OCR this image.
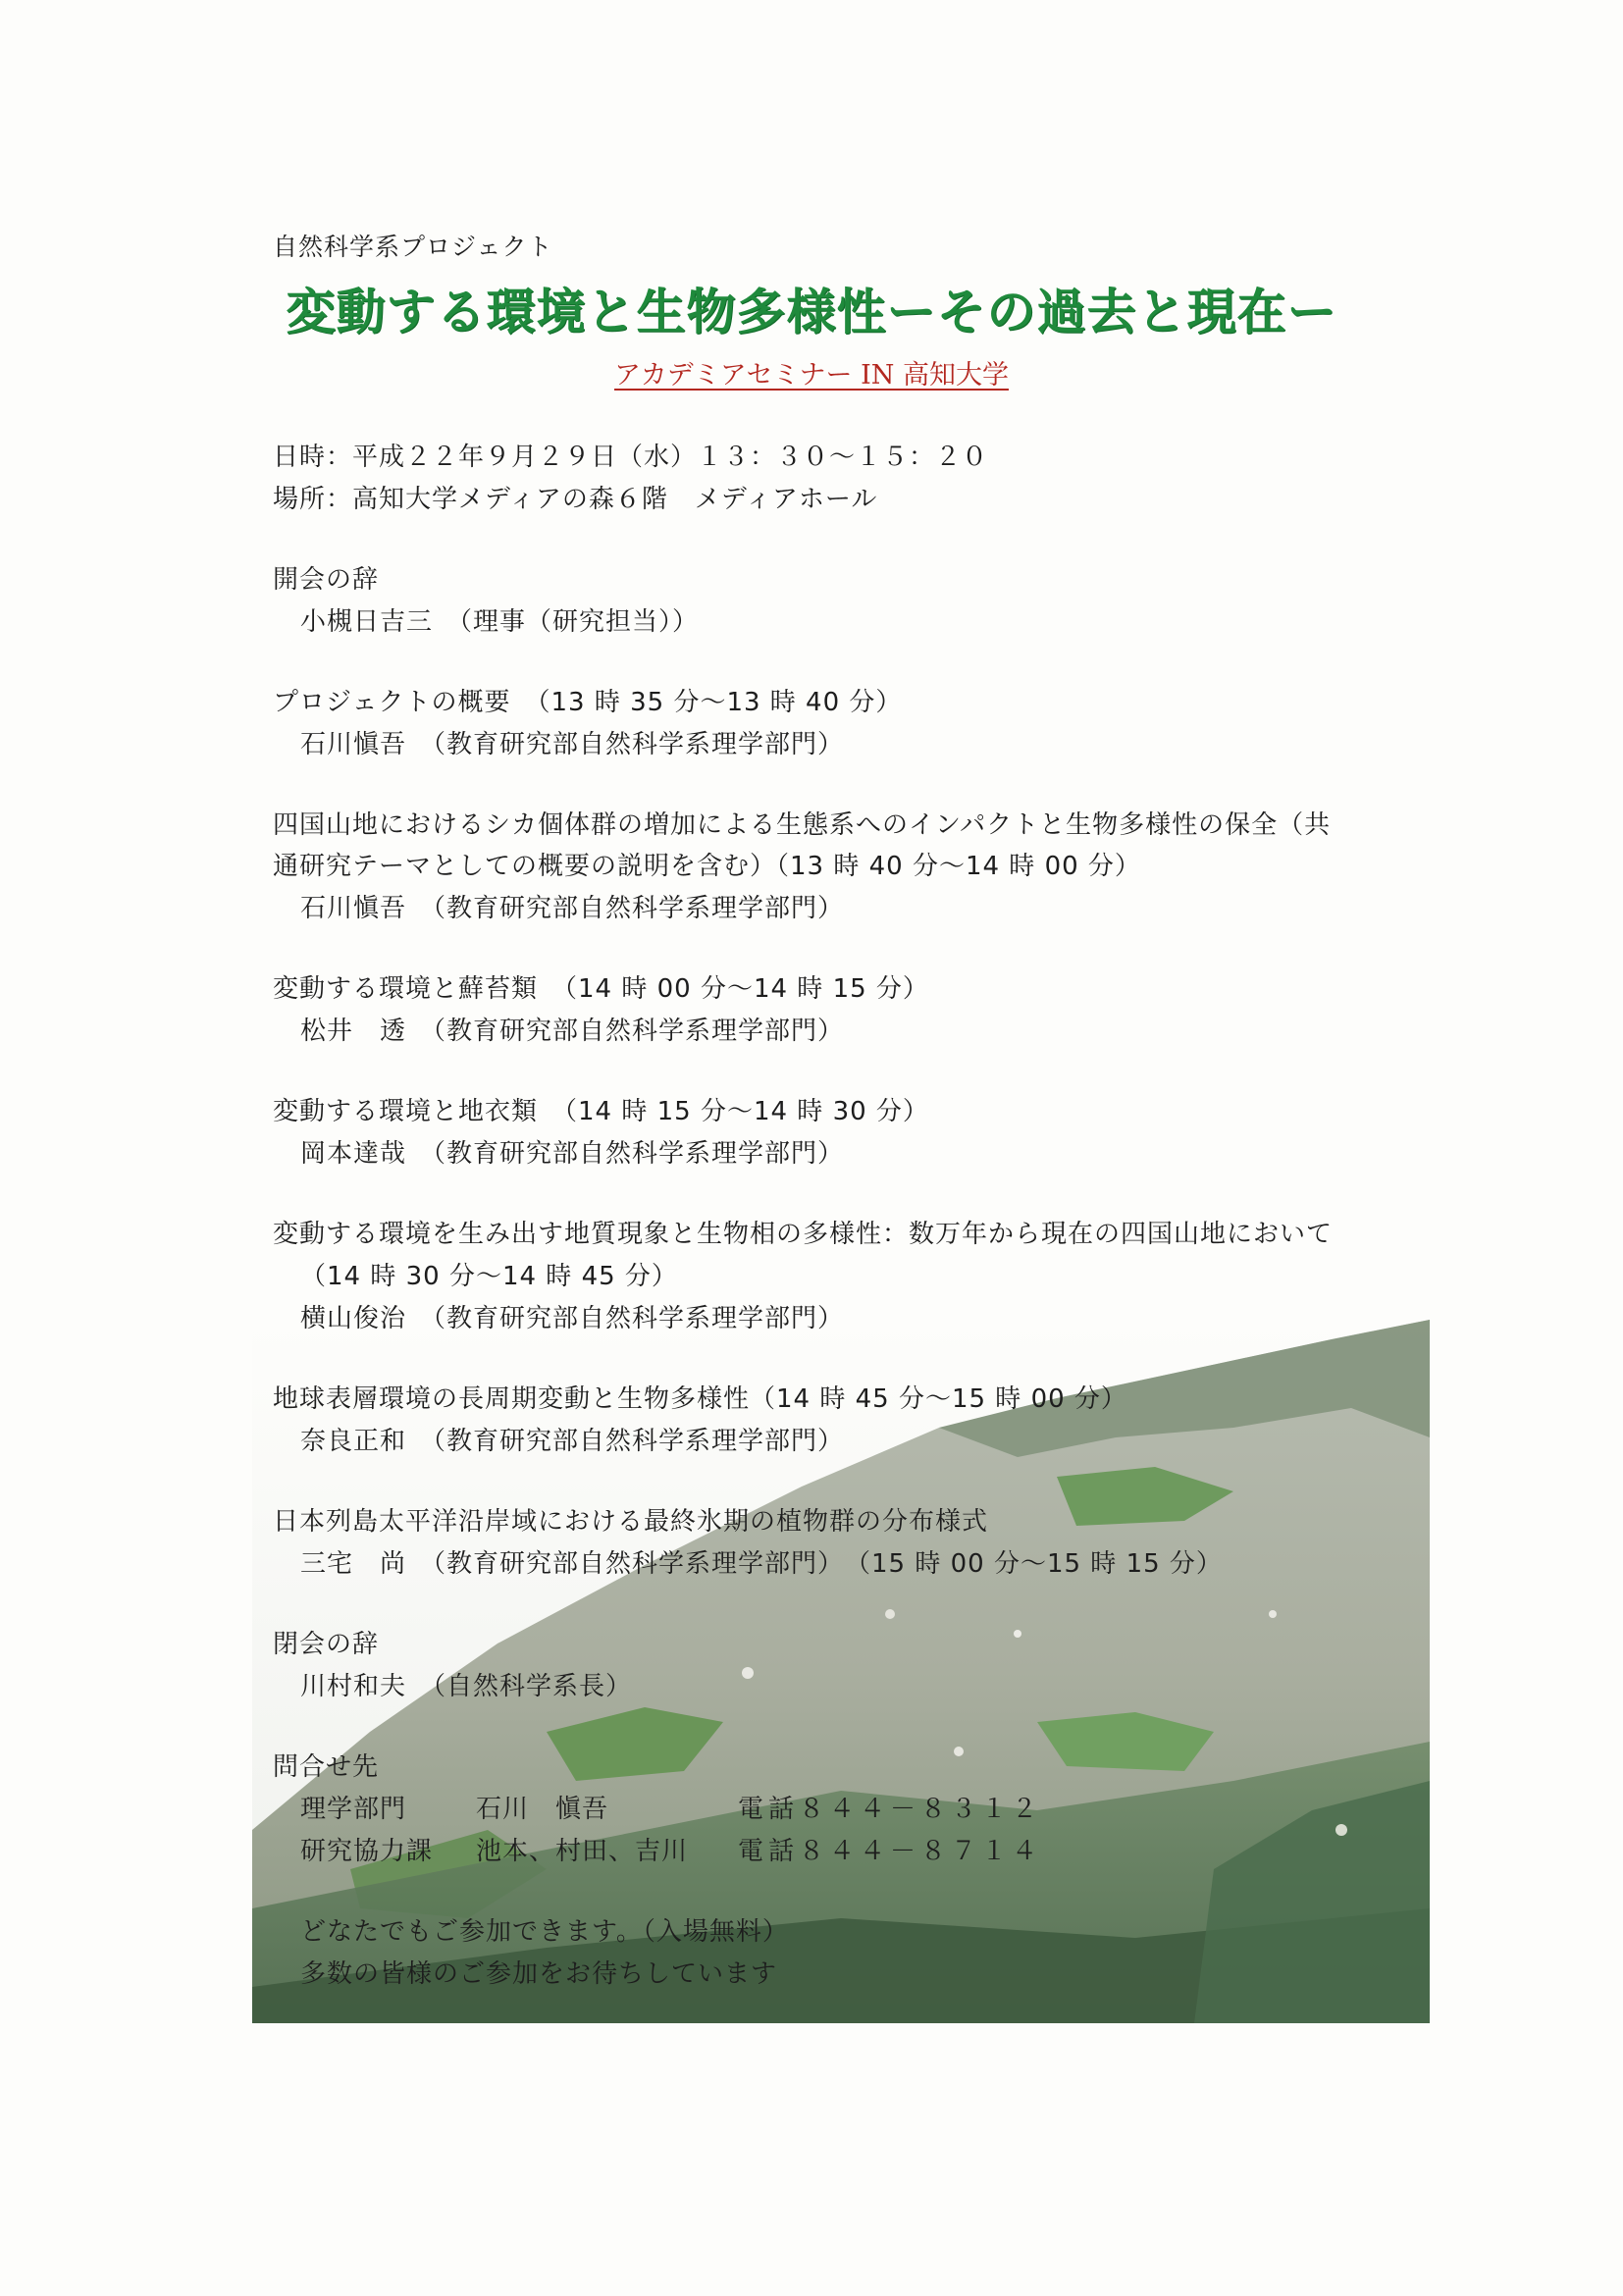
自然科学系プロジェクト
変動する環境と生物多様性ーその過去と現在ー
アカデミアセミナー IN 高知大学
日時：平成２２年９月２９日（水）１３：３０～１５：２０
場所：高知大学メディアの森６階　メディアホール
開会の辞
小槻日吉三　（理事（研究担当））
プロジェクトの概要　（13 時 35 分～13 時 40 分）
石川愼吾　（教育研究部自然科学系理学部門）
四国山地におけるシカ個体群の増加による生態系へのインパクトと生物多様性の保全（共
通研究テーマとしての概要の説明を含む）（13 時 40 分～14 時 00 分）
石川愼吾　（教育研究部自然科学系理学部門）
変動する環境と蘚苔類　（14 時 00 分～14 時 15 分）
松井　透　（教育研究部自然科学系理学部門）
変動する環境と地衣類　（14 時 15 分～14 時 30 分）
岡本達哉　（教育研究部自然科学系理学部門）
変動する環境を生み出す地質現象と生物相の多様性：数万年から現在の四国山地において
（14 時 30 分～14 時 45 分）
横山俊治　（教育研究部自然科学系理学部門）
地球表層環境の長周期変動と生物多様性（14 時 45 分～15 時 00 分）
奈良正和　（教育研究部自然科学系理学部門）
日本列島太平洋沿岸域における最終氷期の植物群の分布様式
三宅　尚　（教育研究部自然科学系理学部門）　（15 時 00 分～15 時 15 分）
閉会の辞
川村和夫　（自然科学系長）
問合せ先
理学部門	石川　愼吾	電話８４４－８３１２
研究協力課 池本、村田、吉川 電話８４４－８７１４
どなたでもご参加できます。（入場無料）
多数の皆様のご参加をお待ちしています
